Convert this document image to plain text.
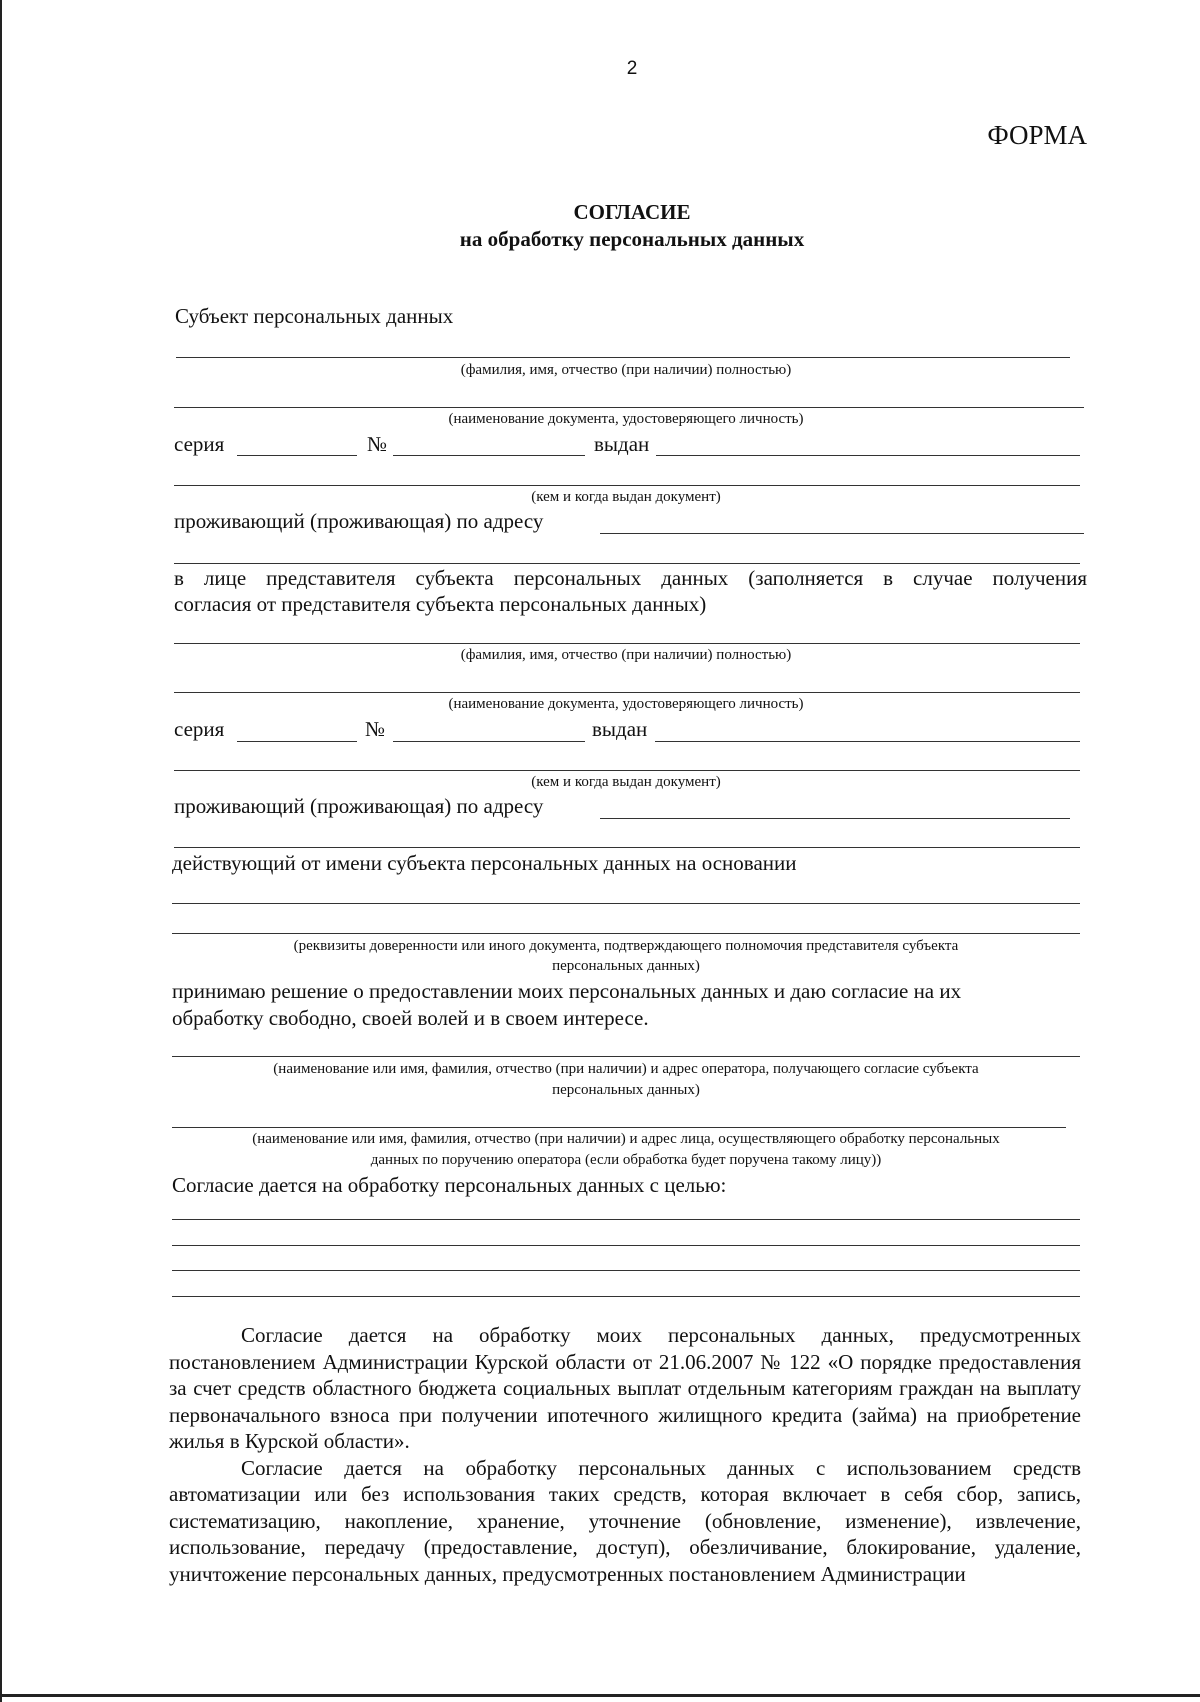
2
ФОРМА
СОГЛАСИЕ
на обработку персональных данных
Субъект персональных данных
(фамилия, имя, отчество (при наличии) полностью)
(наименование документа, удостоверяющего личность)
серия	№	выдан
(кем и когда выдан документ)
проживающий (проживающая) по адресу
в лице представителя субъекта персональных данных (заполняется в случае получения
согласия от представителя субъекта персональных данных)
(фамилия, имя, отчество (при наличии) полностью)
(наименование документа, удостоверяющего личность)
серия	№	выдан
(кем и когда выдан документ)
проживающий (проживающая) по адресу
действующий от имени субъекта персональных данных на основании
(реквизиты доверенности или иного документа, подтверждающего полномочия представителя субъекта
персональных данных)
принимаю решение о предоставлении моих персональных данных и даю согласие на их
обработку свободно, своей волей и в своем интересе.
(наименование или имя, фамилия, отчество (при наличии) и адрес оператора, получающего согласие субъекта
персональных данных)
(наименование или имя, фамилия, отчество (при наличии) и адрес лица, осуществляющего обработку персональных
данных по поручению оператора (если обработка будет поручена такому лицу))
Согласие дается на обработку персональных данных с целью:

Согласие дается на обработку моих персональных данных, предусмотренных постановлением Администрации Курской области от 21.06.2007 № 122 «О порядке предоставления за счет средств областного бюджета социальных выплат отдельным категориям граждан на выплату первоначального взноса при получении ипотечного жилищного кредита (займа) на приобретение жилья в Курской области».

Согласие дается на обработку персональных данных с использованием средств автоматизации или без использования таких средств, которая включает в себя сбор, запись, систематизацию, накопление, хранение, уточнение (обновление, изменение), извлечение, использование, передачу (предоставление, доступ), обезличивание, блокирование, удаление, уничтожение персональных данных, предусмотренных постановлением Администрации
